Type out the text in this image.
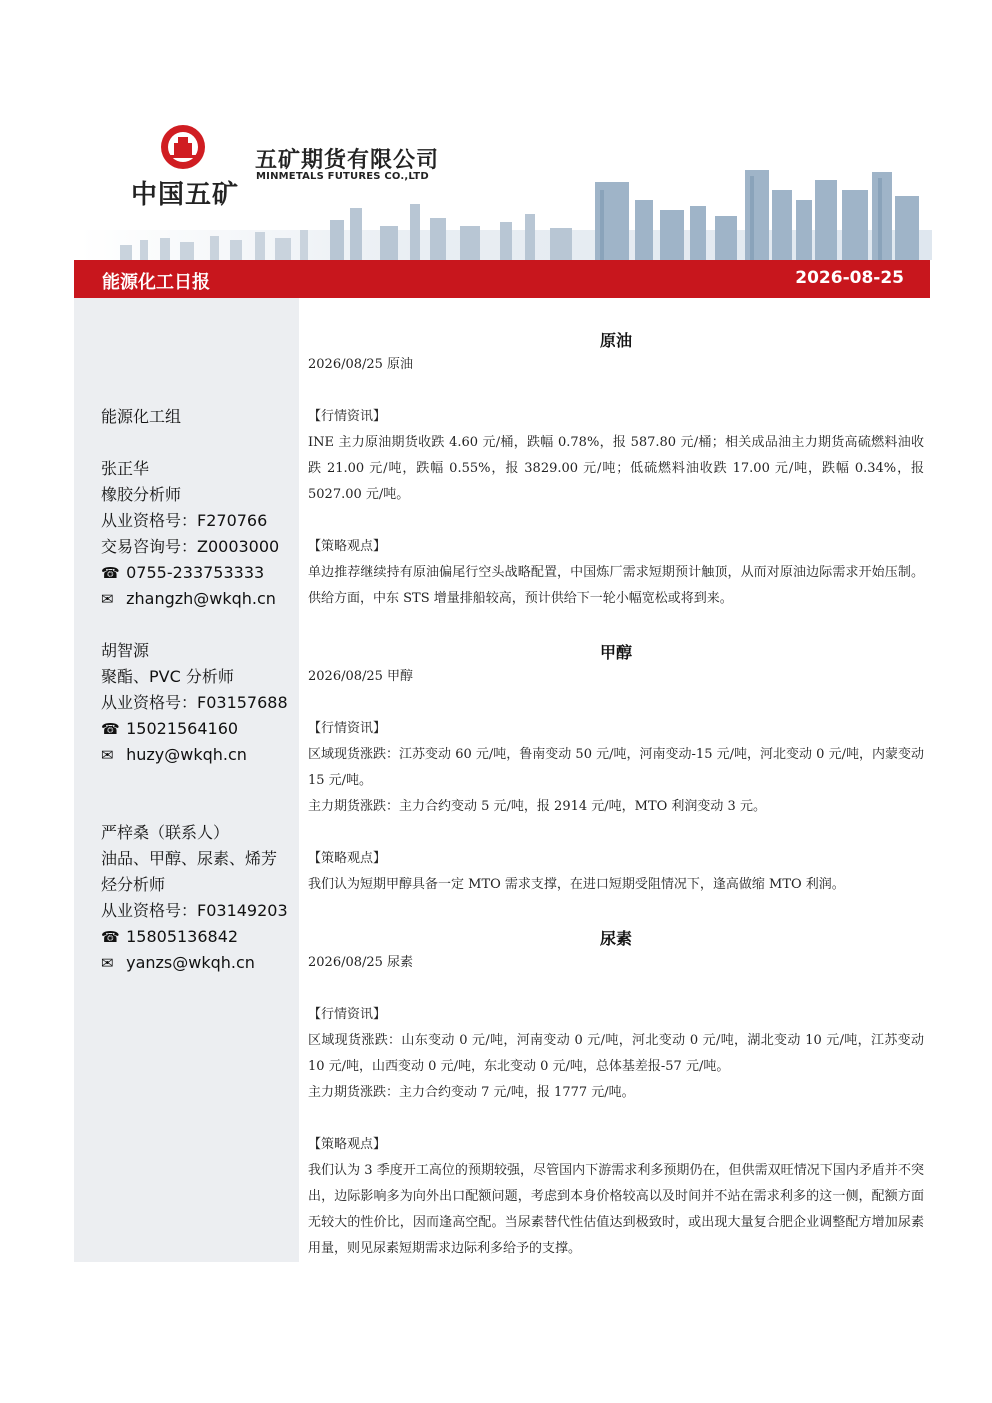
中国五矿
五矿期货有限公司
MINMETALS FUTURES CO.,LTD
能源化工日报	2026-08-25
能源化工组
张正华
橡胶分析师
从业资格号：F270766
交易咨询号：Z0003000
☎ 0755-233753333
✉ zhangzh@wkqh.cn
胡智源
聚酯、PVC 分析师
从业资格号：F03157688
☎ 15021564160
✉ huzy@wkqh.cn
严梓桑（联系人）
油品、甲醇、尿素、烯芳
烃分析师
从业资格号：F03149203
☎ 15805136842
✉ yanzs@wkqh.cn
原油
2026/08/25 原油
【行情资讯】
INE 主力原油期货收跌 4.60 元/桶，跌幅 0.78%，报 587.80 元/桶；相关成品油主力期货高硫燃料油收跌 21.00 元/吨，跌幅 0.55%，报 3829.00 元/吨；低硫燃料油收跌 17.00 元/吨，跌幅 0.34%，报 5027.00 元/吨。
【策略观点】
单边推荐继续持有原油偏尾行空头战略配置，中国炼厂需求短期预计触顶，从而对原油边际需求开始压制。供给方面，中东 STS 增量排船较高，预计供给下一轮小幅宽松或将到来。
甲醇
2026/08/25 甲醇
【行情资讯】
区域现货涨跌：江苏变动 60 元/吨，鲁南变动 50 元/吨，河南变动-15 元/吨，河北变动 0 元/吨，内蒙变动 15 元/吨。
主力期货涨跌：主力合约变动 5 元/吨，报 2914 元/吨，MTO 利润变动 3 元。
【策略观点】
我们认为短期甲醇具备一定 MTO 需求支撑，在进口短期受阻情况下，逢高做缩 MTO 利润。
尿素
2026/08/25 尿素
【行情资讯】
区域现货涨跌：山东变动 0 元/吨，河南变动 0 元/吨，河北变动 0 元/吨，湖北变动 10 元/吨，江苏变动 10 元/吨，山西变动 0 元/吨，东北变动 0 元/吨，总体基差报-57 元/吨。
主力期货涨跌：主力合约变动 7 元/吨，报 1777 元/吨。
【策略观点】
我们认为 3 季度开工高位的预期较强，尽管国内下游需求利多预期仍在，但供需双旺情况下国内矛盾并不突出，边际影响多为向外出口配额问题，考虑到本身价格较高以及时间并不站在需求利多的这一侧，配额方面无较大的性价比，因而逢高空配。当尿素替代性估值达到极致时，或出现大量复合肥企业调整配方增加尿素用量，则见尿素短期需求边际利多给予的支撑。
